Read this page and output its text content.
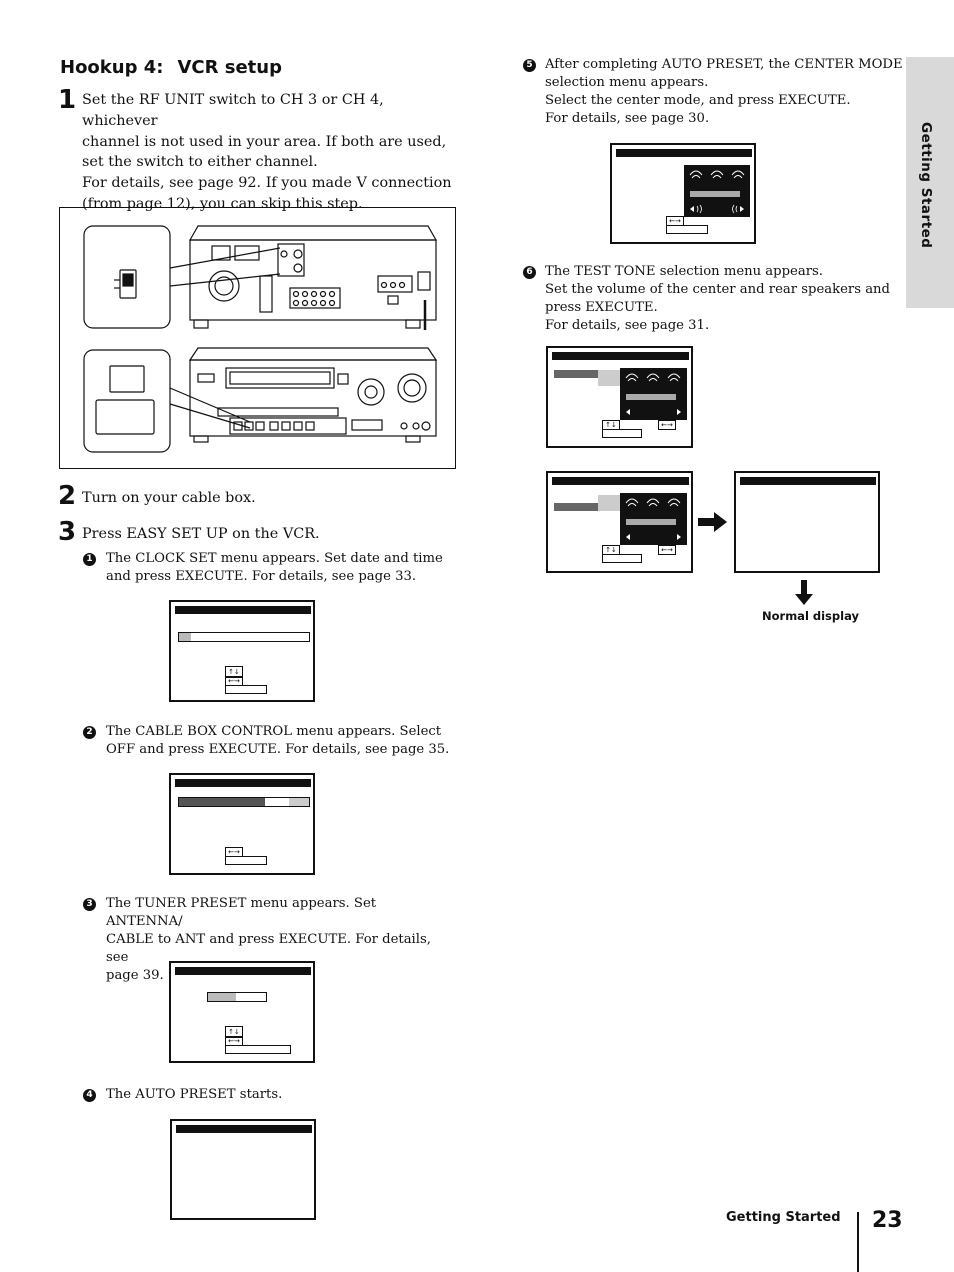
Hookup 4: VCR setup
1 Set the RF UNIT switch to CH 3 or CH 4, whichever
channel is not used in your area. If both are used,
set the switch to either channel.
For details, see page 92. If you made V connection
(from page 12), you can skip this step.
2 Turn on your cable box.
3 Press EASY SET UP on the VCR.
1 The CLOCK SET menu appears. Set date and time
and press EXECUTE. For details, see page 33.
↑↓
←→
2 The CABLE BOX CONTROL menu appears. Select
OFF and press EXECUTE. For details, see page 35.
←→
3 The TUNER PRESET menu appears. Set ANTENNA/
CABLE to ANT and press EXECUTE. For details, see
page 39.
↑↓
←→
4 The AUTO PRESET starts.
5 After completing AUTO PRESET, the CENTER MODE
selection menu appears.
Select the center mode, and press EXECUTE.
For details, see page 30.
←→
6 The TEST TONE selection menu appears.
Set the volume of the center and rear speakers and
press EXECUTE.
For details, see page 31.
↑↓	←→
↑↓	←→
Normal display
Getting Started
Getting Started 23
